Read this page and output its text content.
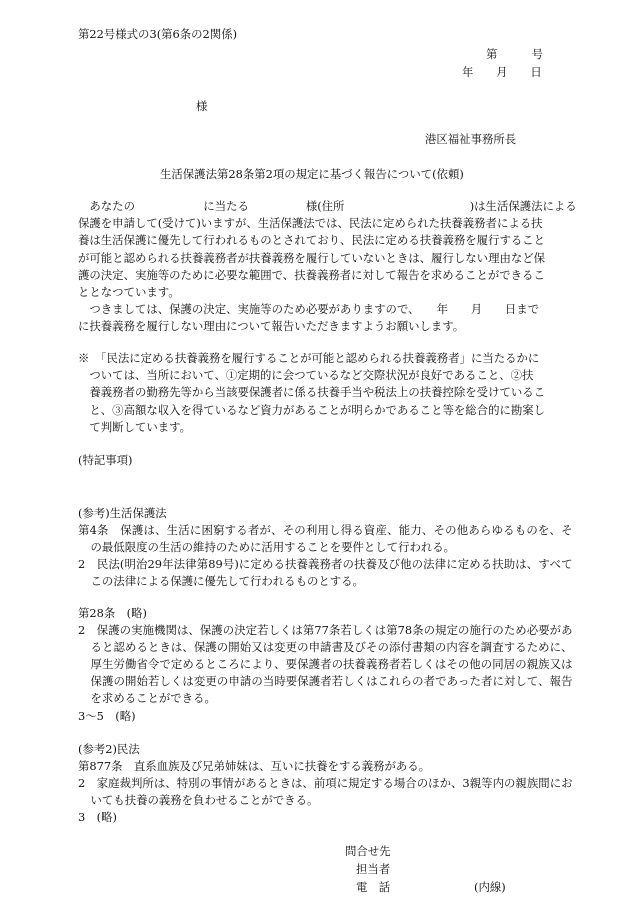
第22号様式の3(第6条の2関係)
第　　　号
年　　月　　日
様
港区福祉事務所長
生活保護法第28条第2項の規定に基づく報告について(依頼)
　あなたの　　　　　　に当たる　　　　　様(住所　　　　　　　　　　　)は生活保護法による
保護を申請して(受けて)いますが、生活保護法では、民法に定められた扶養義務者による扶
養は生活保護に優先して行われるものとされており、民法に定める扶養義務を履行すること
が可能と認められる扶養義務者が扶養義務を履行していないときは、履行しない理由など保
護の決定、実施等のために必要な範囲で、扶養義務者に対して報告を求めることができるこ
ととなつています。
　つきましては、保護の決定、実施等のため必要がありますので、　　年　　月　　日まで
に扶養義務を履行しない理由について報告いただきますようお願いします。
※　「民法に定める扶養義務を履行することが可能と認められる扶養義務者」に当たるかに
　ついては、当所において、①定期的に会つているなど交際状況が良好であること、②扶
　養義務者の勤務先等から当該要保護者に係る扶養手当や税法上の扶養控除を受けているこ
　と、③高額な収入を得ているなど資力があることが明らかであること等を総合的に勘案し
　て判断しています。
(特記事項)
(参考)生活保護法
第4条　保護は、生活に困窮する者が、その利用し得る資産、能力、その他あらゆるものを、その最低限度の生活の維持のために活用することを要件として行われる。
2　民法(明治29年法律第89号)に定める扶養義務者の扶養及び他の法律に定める扶助は、すべてこの法律による保護に優先して行われるものとする。
第28条　(略)
2　保護の実施機関は、保護の決定若しくは第77条若しくは第78条の規定の施行のため必要があると認めるときは、保護の開始又は変更の申請書及びその添付書類の内容を調査するために、厚生労働省令で定めるところにより、要保護者の扶養義務者若しくはその他の同居の親族又は保護の開始若しくは変更の申請の当時要保護者若しくはこれらの者であった者に対して、報告を求めることができる。
3～5　(略)
(参考2)民法
第877条　直系血族及び兄弟姉妹は、互いに扶養をする義務がある。
2　家庭裁判所は、特別の事情があるときは、前項に規定する場合のほか、3親等内の親族間においても扶養の義務を負わせることができる。
3　(略)
問合せ先
担当者
電　話	(内線)
